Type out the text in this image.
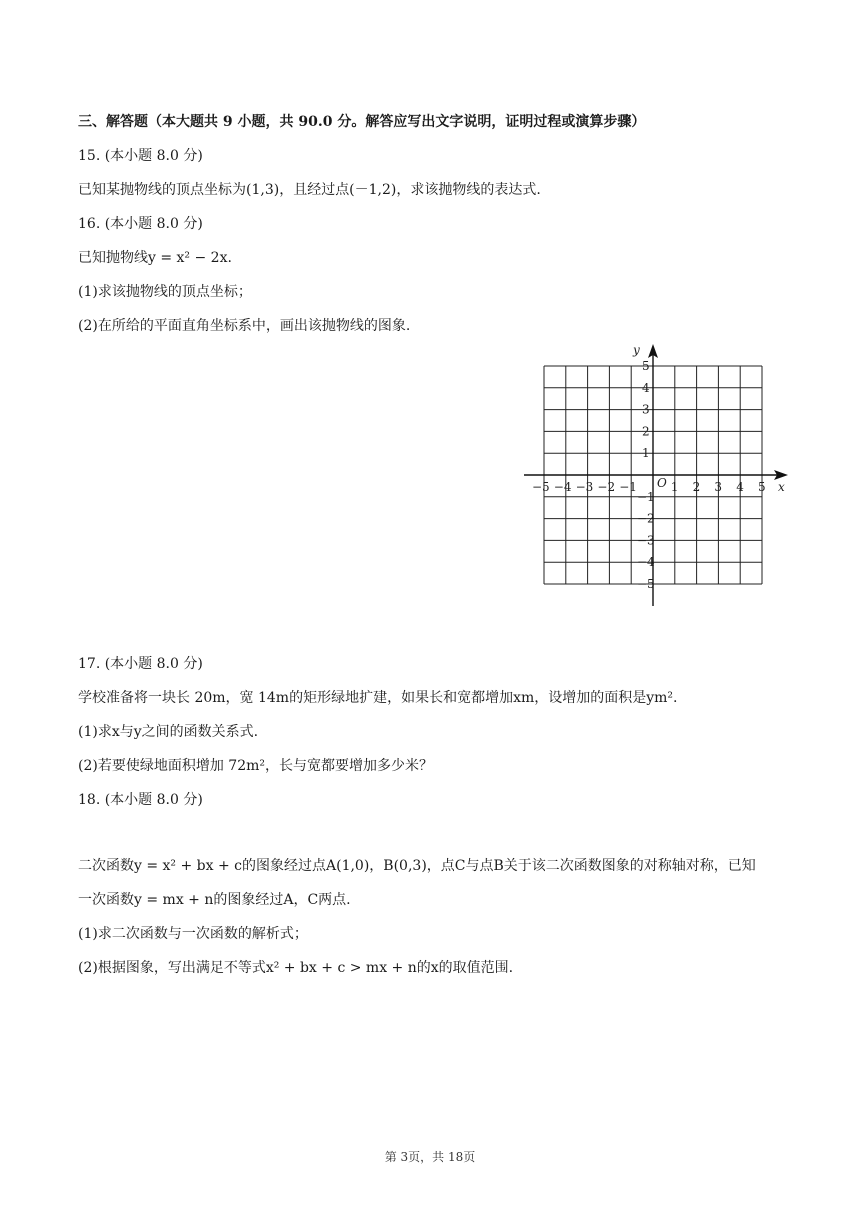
三、解答题（本大题共 9 小题，共 90.0 分。解答应写出文字说明，证明过程或演算步骤）
15. (本小题 8.0 分)
已知某抛物线的顶点坐标为(1,3)，且经过点(－1,2)，求该抛物线的表达式.
16. (本小题 8.0 分)
已知抛物线y = x² − 2x.
(1)求该抛物线的顶点坐标；
(2)在所给的平面直角坐标系中，画出该抛物线的图象.
−5 −4 −3 −2 −1	1 2 3 4 5
5
4
3
2
1
−1
−2
−3
−4
−5
O	x
y
17. (本小题 8.0 分)
学校准备将一块长 20m，宽 14m的矩形绿地扩建，如果长和宽都增加xm，设增加的面积是ym².
(1)求x与y之间的函数关系式.
(2)若要使绿地面积增加 72m²，长与宽都要增加多少米？
18. (本小题 8.0 分)
二次函数y = x² + bx + c的图象经过点A(1,0)，B(0,3)，点C与点B关于该二次函数图象的对称轴对称，已知
一次函数y = mx + n的图象经过A，C两点.
(1)求二次函数与一次函数的解析式；
(2)根据图象，写出满足不等式x² + bx + c > mx + n的x的取值范围.
第 3页，共 18页
